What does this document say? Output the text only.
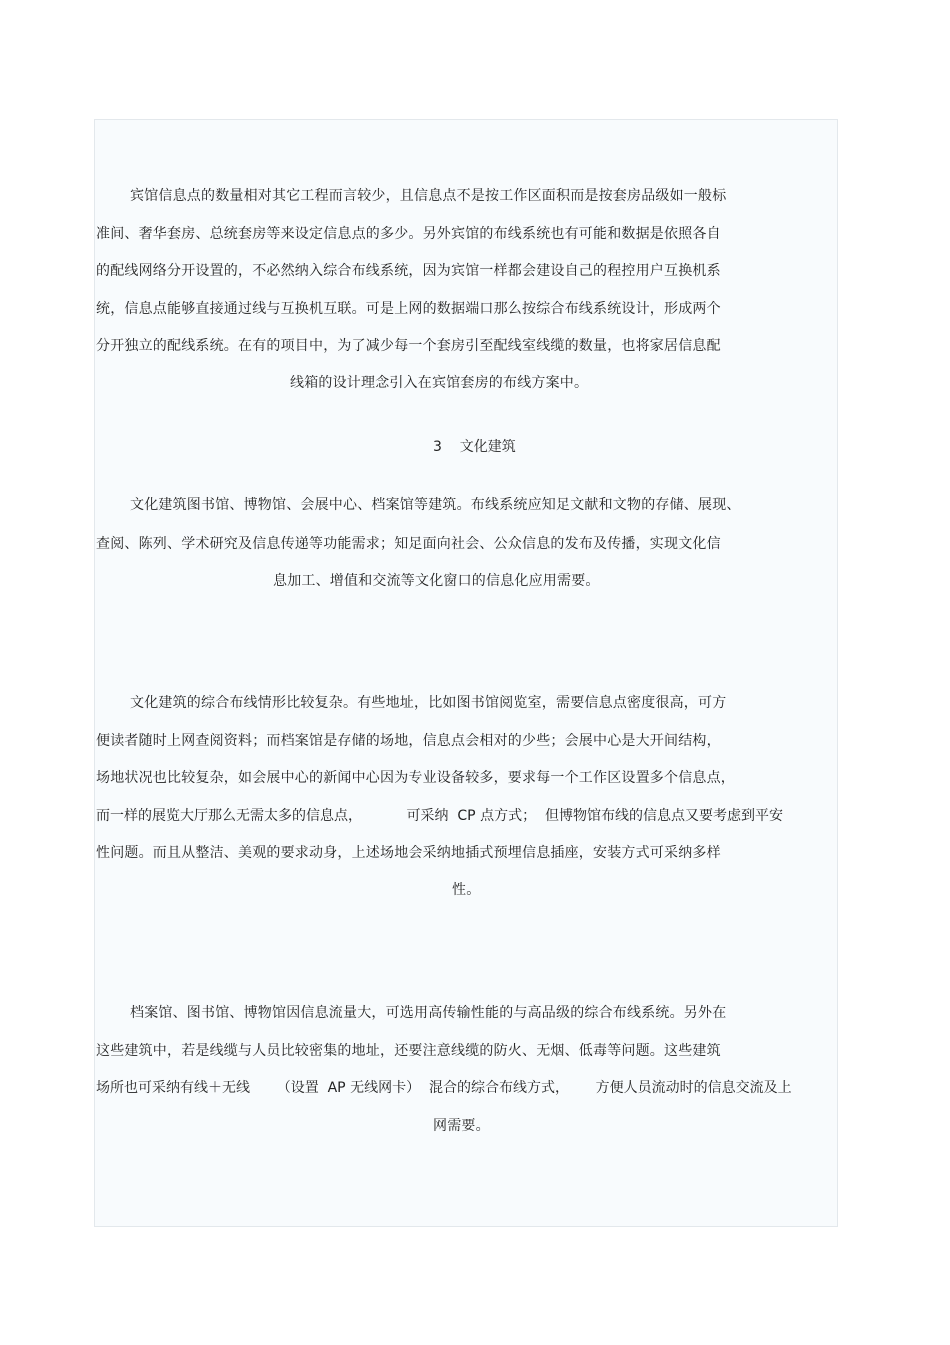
宾馆信息点的数量相对其它工程而言较少，且信息点不是按工作区面积而是按套房品级如一般标
准间、奢华套房、总统套房等来设定信息点的多少。另外宾馆的布线系统也有可能和数据是依照各自
的配线网络分开设置的，不必然纳入综合布线系统，因为宾馆一样都会建设自己的程控用户互换机系
统，信息点能够直接通过线与互换机互联。可是上网的数据端口那么按综合布线系统设计，形成两个
分开独立的配线系统。在有的项目中，为了减少每一个套房引至配线室线缆的数量，也将家居信息配
线箱的设计理念引入在宾馆套房的布线方案中。
3    文化建筑
文化建筑图书馆、博物馆、会展中心、档案馆等建筑。布线系统应知足文献和文物的存储、展现、
查阅、陈列、学术研究及信息传递等功能需求；知足面向社会、公众信息的发布及传播，实现文化信
息加工、增值和交流等文化窗口的信息化应用需要。
文化建筑的综合布线情形比较复杂。有些地址，比如图书馆阅览室，需要信息点密度很高，可方
便读者随时上网查阅资料；而档案馆是存储的场地，信息点会相对的少些；会展中心是大开间结构，
场地状况也比较复杂，如会展中心的新闻中心因为专业设备较多，要求每一个工作区设置多个信息点，
而一样的展览大厅那么无需太多的信息点，          可采纳  CP 点方式；  但博物馆布线的信息点又要考虑到平安
性问题。而且从整洁、美观的要求动身，上述场地会采纳地插式预埋信息插座，安装方式可采纳多样
性。
档案馆、图书馆、博物馆因信息流量大，可选用高传输性能的与高品级的综合布线系统。另外在
这些建筑中，若是线缆与人员比较密集的地址，还要注意线缆的防火、无烟、低毒等问题。这些建筑
场所也可采纳有线＋无线      （设置  AP 无线网卡）  混合的综合布线方式，      方便人员流动时的信息交流及上
网需要。
